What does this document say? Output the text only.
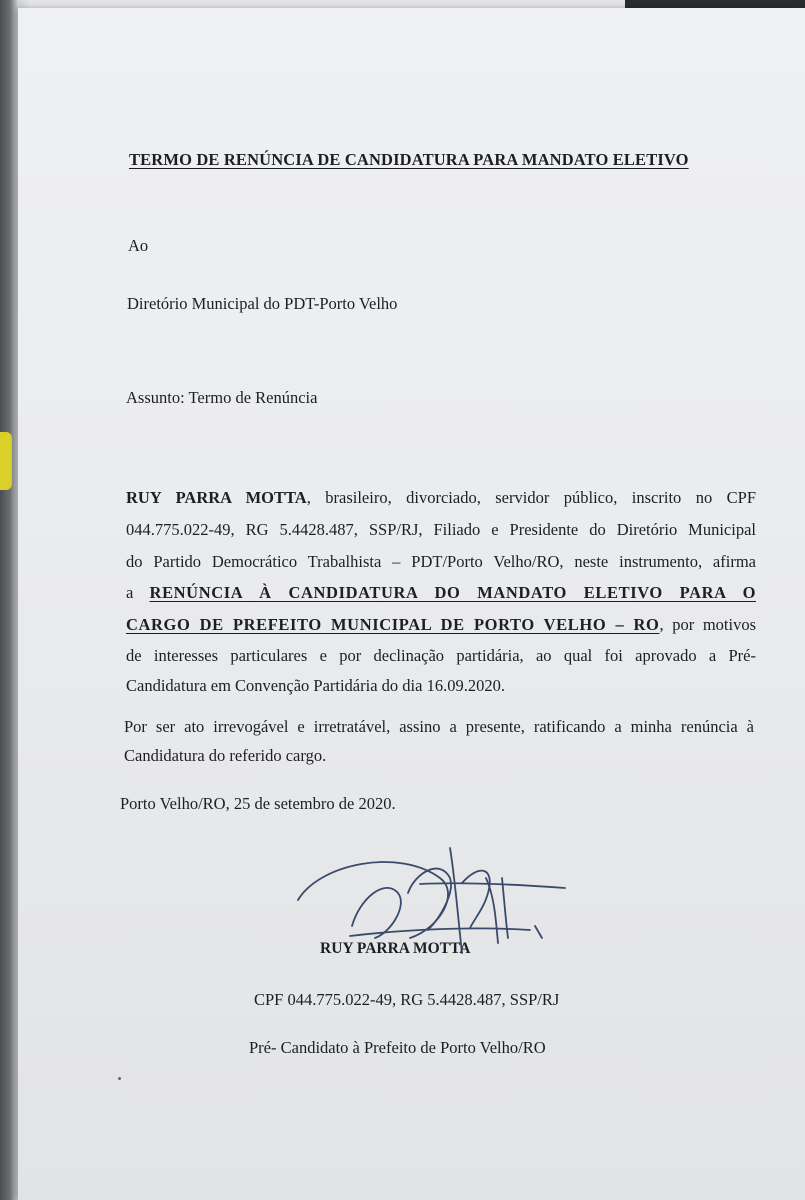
TERMO DE RENÚNCIA DE CANDIDATURA PARA MANDATO ELETIVO
Ao
Diretório Municipal do PDT-Porto Velho
Assunto: Termo de Renúncia
RUY PARRA MOTTA, brasileiro, divorciado, servidor público, inscrito no CPF
044.775.022-49, RG 5.4428.487, SSP/RJ, Filiado e Presidente do Diretório Municipal
do Partido Democrático Trabalhista – PDT/Porto Velho/RO, neste instrumento, afirma
a RENÚNCIA À CANDIDATURA DO MANDATO ELETIVO PARA O
CARGO DE PREFEITO MUNICIPAL DE PORTO VELHO – RO, por motivos
de interesses particulares e por declinação partidária, ao qual foi aprovado a Pré-
Candidatura em Convenção Partidária do dia 16.09.2020.
Por ser ato irrevogável e irretratável, assino a presente, ratificando a minha renúncia à
Candidatura do referido cargo.
Porto Velho/RO, 25 de setembro de 2020.
RUY PARRA MOTTA
CPF 044.775.022-49, RG 5.4428.487, SSP/RJ
Pré- Candidato à Prefeito de Porto Velho/RO
